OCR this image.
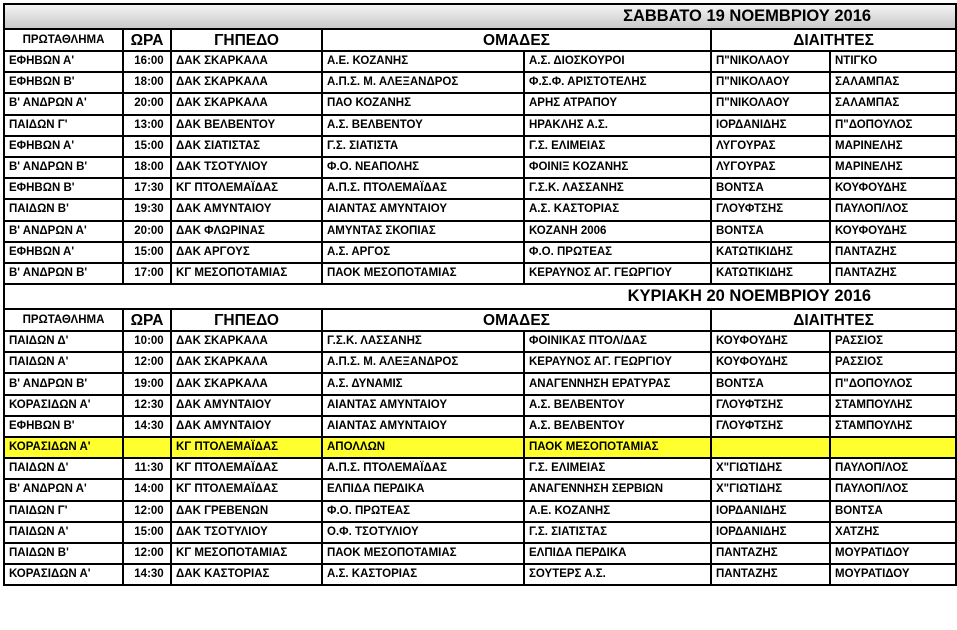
ΣΑΒΒΑΤΟ 19 ΝΟΕΜΒΡΙΟΥ 2016						
ΠΡΩΤΑΘΛΗΜΑ	ΩΡΑ	ΓΗΠΕΔΟ	ΟΜΑΔΕΣ		ΔΙΑΙΤΗΤΕΣ	
ΕΦΗΒΩΝ Α'	16:00	ΔΑΚ ΣΚΑΡΚΑΛΑ	Α.Ε. ΚΟΖΑΝΗΣ	Α.Σ. ΔΙΟΣΚΟΥΡΟΙ	Π"ΝΙΚΟΛΑΟΥ	ΝΤΙΓΚΟ
ΕΦΗΒΩΝ Β'	18:00	ΔΑΚ ΣΚΑΡΚΑΛΑ	Α.Π.Σ. Μ. ΑΛΕΞΑΝΔΡΟΣ	Φ.Σ.Φ. ΑΡΙΣΤΟΤΕΛΗΣ	Π"ΝΙΚΟΛΑΟΥ	ΣΑΛΑΜΠΑΣ
Β' ΑΝΔΡΩΝ Α'	20:00	ΔΑΚ ΣΚΑΡΚΑΛΑ	ΠΑΟ ΚΟΖΑΝΗΣ	ΑΡΗΣ ΑΤΡΑΠΟΥ	Π"ΝΙΚΟΛΑΟΥ	ΣΑΛΑΜΠΑΣ
ΠΑΙΔΩΝ Γ'	13:00	ΔΑΚ ΒΕΛΒΕΝΤΟΥ	Α.Σ. ΒΕΛΒΕΝΤΟΥ	ΗΡΑΚΛΗΣ Α.Σ.	ΙΟΡΔΑΝΙΔΗΣ	Π"ΔΟΠΟΥΛΟΣ
ΕΦΗΒΩΝ Α'	15:00	ΔΑΚ ΣΙΑΤΙΣΤΑΣ	Γ.Σ. ΣΙΑΤΙΣΤΑ	Γ.Σ. ΕΛΙΜΕΙΑΣ	ΛΥΓΟΥΡΑΣ	ΜΑΡΙΝΕΛΗΣ
Β' ΑΝΔΡΩΝ Β'	18:00	ΔΑΚ ΤΣΟΤΥΛΙΟΥ	Φ.Ο. ΝΕΑΠΟΛΗΣ	ΦΟΙΝΙΞ ΚΟΖΑΝΗΣ	ΛΥΓΟΥΡΑΣ	ΜΑΡΙΝΕΛΗΣ
ΕΦΗΒΩΝ Β'	17:30	ΚΓ ΠΤΟΛΕΜΑΪΔΑΣ	Α.Π.Σ. ΠΤΟΛΕΜΑΪΔΑΣ	Γ.Σ.Κ. ΛΑΣΣΑΝΗΣ	ΒΟΝΤΣΑ	ΚΟΥΦΟΥΔΗΣ
ΠΑΙΔΩΝ Β'	19:30	ΔΑΚ ΑΜΥΝΤΑΙΟΥ	ΑΙΑΝΤΑΣ ΑΜΥΝΤΑΙΟΥ	Α.Σ. ΚΑΣΤΟΡΙΑΣ	ΓΛΟΥΦΤΣΗΣ	ΠΑΥΛΟΠ/ΛΟΣ
Β' ΑΝΔΡΩΝ Α'	20:00	ΔΑΚ ΦΛΩΡΙΝΑΣ	ΑΜΥΝΤΑΣ ΣΚΟΠΙΑΣ	ΚΟΖΑΝΗ 2006	ΒΟΝΤΣΑ	ΚΟΥΦΟΥΔΗΣ
ΕΦΗΒΩΝ Α'	15:00	ΔΑΚ ΑΡΓΟΥΣ	Α.Σ. ΑΡΓΟΣ	Φ.Ο. ΠΡΩΤΕΑΣ	ΚΑΤΩΤΙΚΙΔΗΣ	ΠΑΝΤΑΖΗΣ
Β' ΑΝΔΡΩΝ Β'	17:00	ΚΓ ΜΕΣΟΠΟΤΑΜΙΑΣ	ΠΑΟΚ ΜΕΣΟΠΟΤΑΜΙΑΣ	ΚΕΡΑΥΝΟΣ ΑΓ. ΓΕΩΡΓΙΟΥ	ΚΑΤΩΤΙΚΙΔΗΣ	ΠΑΝΤΑΖΗΣ
ΚΥΡΙΑΚΗ 20 ΝΟΕΜΒΡΙΟΥ 2016						
ΠΡΩΤΑΘΛΗΜΑ	ΩΡΑ	ΓΗΠΕΔΟ	ΟΜΑΔΕΣ		ΔΙΑΙΤΗΤΕΣ	
ΠΑΙΔΩΝ Δ'	10:00	ΔΑΚ ΣΚΑΡΚΑΛΑ	Γ.Σ.Κ. ΛΑΣΣΑΝΗΣ	ΦΟΙΝΙΚΑΣ ΠΤΟΛ/ΔΑΣ	ΚΟΥΦΟΥΔΗΣ	ΡΑΣΣΙΟΣ
ΠΑΙΔΩΝ Α'	12:00	ΔΑΚ ΣΚΑΡΚΑΛΑ	Α.Π.Σ. Μ. ΑΛΕΞΑΝΔΡΟΣ	ΚΕΡΑΥΝΟΣ ΑΓ. ΓΕΩΡΓΙΟΥ	ΚΟΥΦΟΥΔΗΣ	ΡΑΣΣΙΟΣ
Β' ΑΝΔΡΩΝ Β'	19:00	ΔΑΚ ΣΚΑΡΚΑΛΑ	Α.Σ. ΔΥΝΑΜΙΣ	ΑΝΑΓΕΝΝΗΣΗ ΕΡΑΤΥΡΑΣ	ΒΟΝΤΣΑ	Π"ΔΟΠΟΥΛΟΣ
ΚΟΡΑΣΙΔΩΝ Α'	12:30	ΔΑΚ ΑΜΥΝΤΑΙΟΥ	ΑΙΑΝΤΑΣ ΑΜΥΝΤΑΙΟΥ	Α.Σ. ΒΕΛΒΕΝΤΟΥ	ΓΛΟΥΦΤΣΗΣ	ΣΤΑΜΠΟΥΛΗΣ
ΕΦΗΒΩΝ Β'	14:30	ΔΑΚ ΑΜΥΝΤΑΙΟΥ	ΑΙΑΝΤΑΣ ΑΜΥΝΤΑΙΟΥ	Α.Σ. ΒΕΛΒΕΝΤΟΥ	ΓΛΟΥΦΤΣΗΣ	ΣΤΑΜΠΟΥΛΗΣ
ΚΟΡΑΣΙΔΩΝ Α'		ΚΓ ΠΤΟΛΕΜΑΪΔΑΣ	ΑΠΟΛΛΩΝ	ΠΑΟΚ ΜΕΣΟΠΟΤΑΜΙΑΣ		
ΠΑΙΔΩΝ Δ'	11:30	ΚΓ ΠΤΟΛΕΜΑΪΔΑΣ	Α.Π.Σ. ΠΤΟΛΕΜΑΪΔΑΣ	Γ.Σ. ΕΛΙΜΕΙΑΣ	Χ"ΓΙΩΤΙΔΗΣ	ΠΑΥΛΟΠ/ΛΟΣ
Β' ΑΝΔΡΩΝ Α'	14:00	ΚΓ ΠΤΟΛΕΜΑΪΔΑΣ	ΕΛΠΙΔΑ ΠΕΡΔΙΚΑ	ΑΝΑΓΕΝΝΗΣΗ ΣΕΡΒΙΩΝ	Χ"ΓΙΩΤΙΔΗΣ	ΠΑΥΛΟΠ/ΛΟΣ
ΠΑΙΔΩΝ Γ'	12:00	ΔΑΚ ΓΡΕΒΕΝΩΝ	Φ.Ο. ΠΡΩΤΕΑΣ	Α.Ε. ΚΟΖΑΝΗΣ	ΙΟΡΔΑΝΙΔΗΣ	ΒΟΝΤΣΑ
ΠΑΙΔΩΝ Α'	15:00	ΔΑΚ ΤΣΟΤΥΛΙΟΥ	Ο.Φ. ΤΣΟΤΥΛΙΟΥ	Γ.Σ. ΣΙΑΤΙΣΤΑΣ	ΙΟΡΔΑΝΙΔΗΣ	ΧΑΤΖΗΣ
ΠΑΙΔΩΝ Β'	12:00	ΚΓ ΜΕΣΟΠΟΤΑΜΙΑΣ	ΠΑΟΚ ΜΕΣΟΠΟΤΑΜΙΑΣ	ΕΛΠΙΔΑ ΠΕΡΔΙΚΑ	ΠΑΝΤΑΖΗΣ	ΜΟΥΡΑΤΙΔΟΥ
ΚΟΡΑΣΙΔΩΝ Α'	14:30	ΔΑΚ ΚΑΣΤΟΡΙΑΣ	Α.Σ. ΚΑΣΤΟΡΙΑΣ	ΣΟΥΤΕΡΣ Α.Σ.	ΠΑΝΤΑΖΗΣ	ΜΟΥΡΑΤΙΔΟΥ
